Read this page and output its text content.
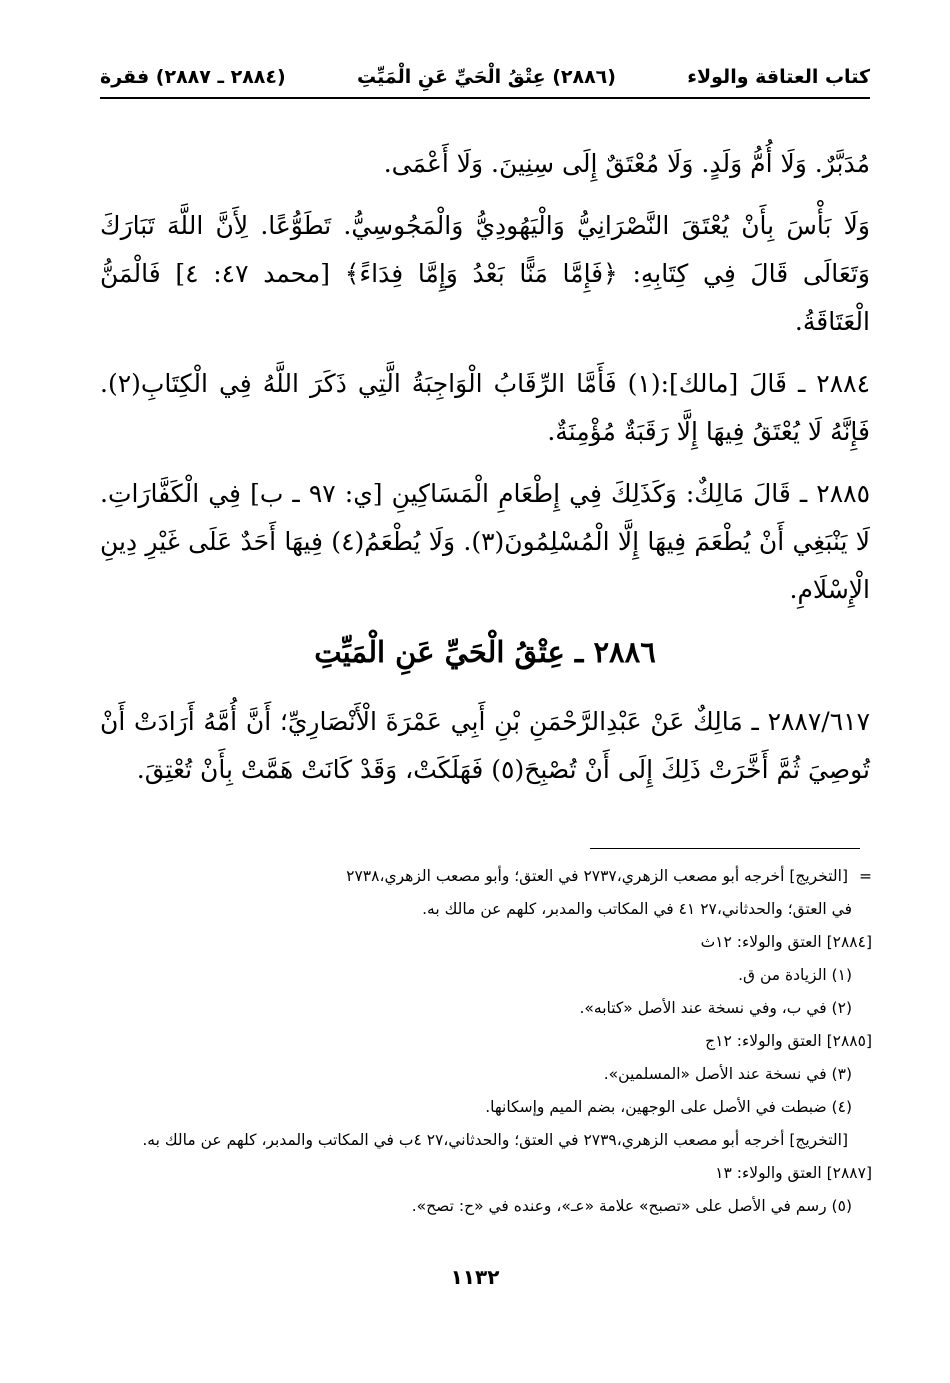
كتاب العتاقة والولاء
(٢٨٨٦) عِتْقُ الْحَيِّ عَنِ الْمَيِّتِ
(٢٨٨٤ ـ ٢٨٨٧) فقرة

مُدَبَّرٌ. وَلَا أُمُّ وَلَدٍ. وَلَا مُعْتَقٌ إِلَى سِنِينَ. وَلَا أَعْمَى.

وَلَا بَأْسَ بِأَنْ يُعْتَقَ النَّصْرَانِيُّ وَالْيَهُودِيُّ وَالْمَجُوسِيُّ. تَطَوُّعًا. لِأَنَّ اللَّهَ تَبَارَكَ وَتَعَالَى قَالَ فِي كِتَابِهِ: ﴿فَإِمَّا مَنًّا بَعْدُ وَإِمَّا فِدَاءً﴾ [محمد ٤٧: ٤] فَالْمَنُّ الْعَتَاقَةُ.

٢٨٨٤ ـ قَالَ [مالك]:(١) فَأَمَّا الرِّقَابُ الْوَاجِبَةُ الَّتِي ذَكَرَ اللَّهُ فِي الْكِتَابِ(٢). فَإِنَّهُ لَا يُعْتَقُ فِيهَا إِلَّا رَقَبَةٌ مُؤْمِنَةٌ.

٢٨٨٥ ـ قَالَ مَالِكٌ: وَكَذَلِكَ فِي إِطْعَامِ الْمَسَاكِينِ [ي: ٩٧ ـ ب] فِي الْكَفَّارَاتِ. لَا يَنْبَغِي أَنْ يُطْعَمَ فِيهَا إِلَّا الْمُسْلِمُونَ(٣). وَلَا يُطْعَمُ(٤) فِيهَا أَحَدٌ عَلَى غَيْرِ دِينِ الْإِسْلَامِ.

٢٨٨٦ ـ عِتْقُ الْحَيِّ عَنِ الْمَيِّتِ

٢٨٨٧/٦١٧ ـ مَالِكٌ عَنْ عَبْدِالرَّحْمَنِ بْنِ أَبِي عَمْرَةَ الْأَنْصَارِيِّ؛ أَنَّ أُمَّهُ أَرَادَتْ أَنْ تُوصِيَ ثُمَّ أَخَّرَتْ ذَلِكَ إِلَى أَنْ تُصْبِحَ(٥) فَهَلَكَتْ، وَقَدْ كَانَتْ هَمَّتْ بِأَنْ تُعْتِقَ.

=[التخريج] أخرجه أبو مصعب الزهري،٢٧٣٧ في العتق؛ وأبو مصعب الزهري،٢٧٣٨

في العتق؛ والحدثاني،٢٧ ٤١ في المكاتب والمدبر، كلهم عن مالك به.

[٢٨٨٤] العتق والولاء: ١٢ث

(١) الزيادة من ق.

(٢) في ب، وفي نسخة عند الأصل «كتابه».

[٢٨٨٥] العتق والولاء: ١٢ج

(٣) في نسخة عند الأصل «المسلمين».

(٤) ضبطت في الأصل على الوجهين، بضم الميم وإسكانها.

[التخريج] أخرجه أبو مصعب الزهري،٢٧٣٩ في العتق؛ والحدثاني،٢٧ ٤ب في المكاتب والمدبر، كلهم عن مالك به.

[٢٨٨٧] العتق والولاء: ١٣

(٥) رسم في الأصل على «تصبح» علامة «عـ»، وعنده في «ح: تصح».

١١٣٢
